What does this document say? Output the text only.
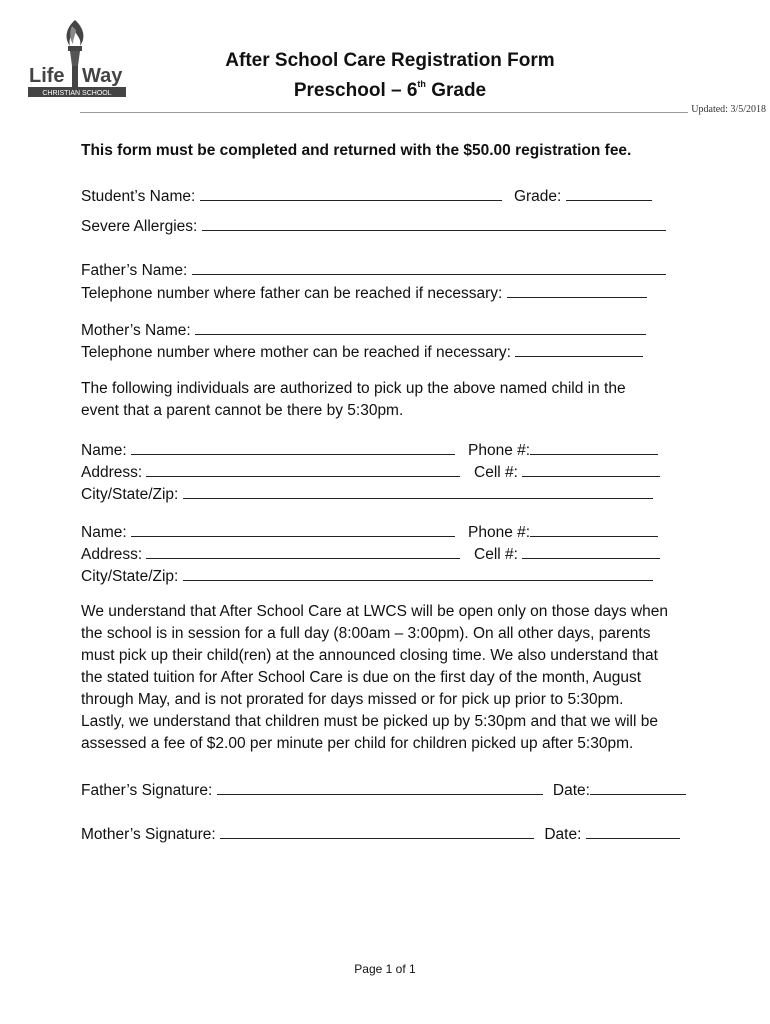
Life Way
CHRISTIAN SCHOOL
After School Care Registration Form
Preschool – 6th Grade
Updated: 3/5/2018
This form must be completed and returned with the $50.00 registration fee.
Student’s Name:	Grade:
Severe Allergies:
Father’s Name:
Telephone number where father can be reached if necessary:
Mother’s Name:
Telephone number where mother can be reached if necessary:
The following individuals are authorized to pick up the above named child in the
event that a parent cannot be there by 5:30pm.
Name:	Phone #:
Address:	Cell #:
City/State/Zip:
Name:	Phone #:
Address:	Cell #:
City/State/Zip:
We understand that After School Care at LWCS will be open only on those days when
the school is in session for a full day (8:00am – 3:00pm). On all other days, parents
must pick up their child(ren) at the announced closing time. We also understand that
the stated tuition for After School Care is due on the first day of the month, August
through May, and is not prorated for days missed or for pick up prior to 5:30pm.
Lastly, we understand that children must be picked up by 5:30pm and that we will be
assessed a fee of $2.00 per minute per child for children picked up after 5:30pm.
Father’s Signature:	Date:
Mother’s Signature:	Date:
Page 1 of 1
